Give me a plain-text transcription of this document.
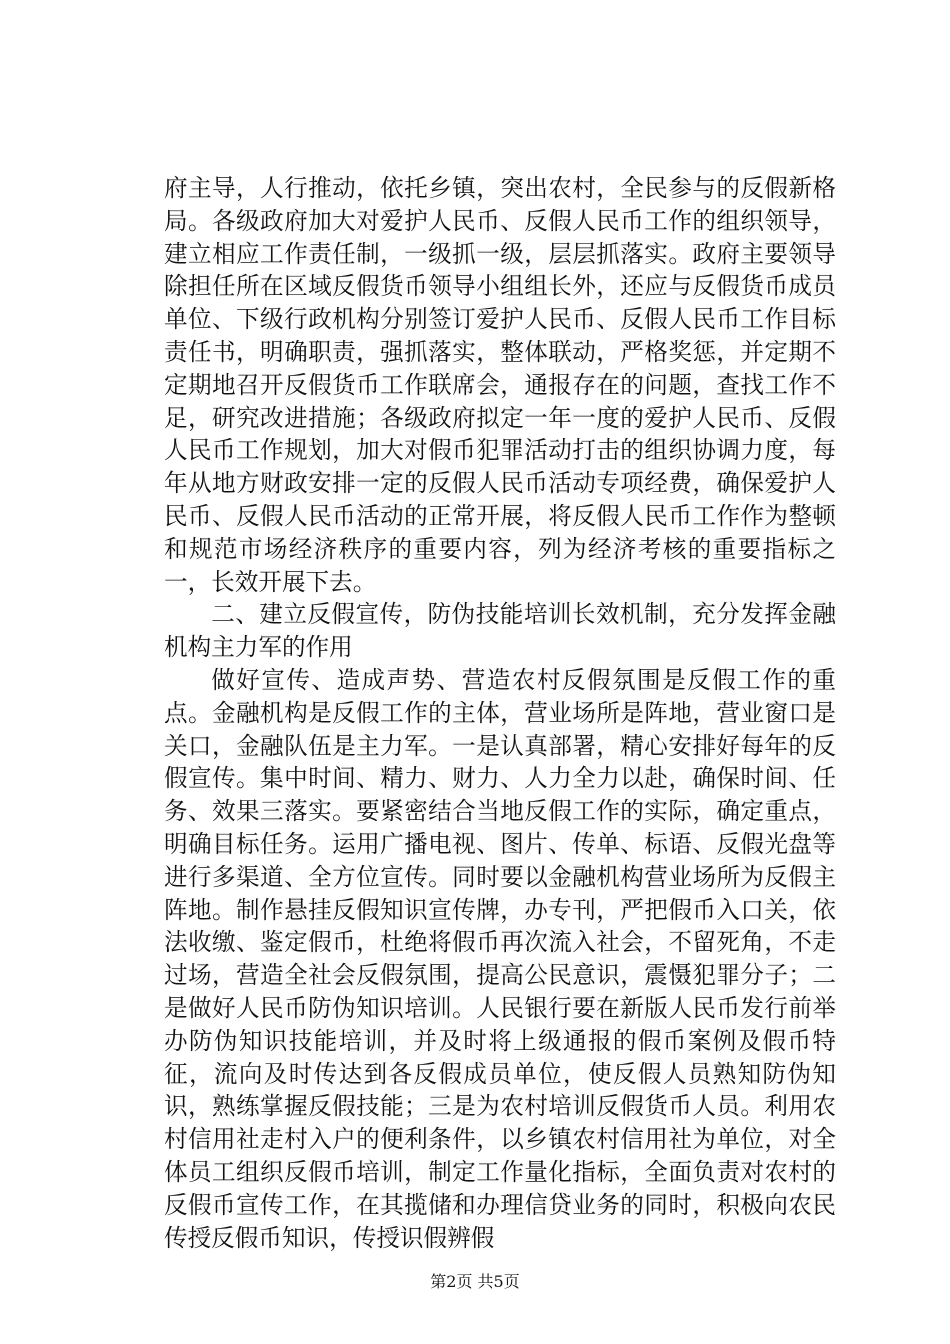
府主导，人行推动，依托乡镇，突出农村，全民参与的反假新格局。各级政府加大对爱护人民币、反假人民币工作的组织领导，建立相应工作责任制，一级抓一级，层层抓落实。政府主要领导除担任所在区域反假货币领导小组组长外，还应与反假货币成员单位、下级行政机构分别签订爱护人民币、反假人民币工作目标责任书，明确职责，强抓落实，整体联动，严格奖惩，并定期不定期地召开反假货币工作联席会，通报存在的问题，查找工作不足，研究改进措施；各级政府拟定一年一度的爱护人民币、反假人民币工作规划，加大对假币犯罪活动打击的组织协调力度，每年从地方财政安排一定的反假人民币活动专项经费，确保爱护人民币、反假人民币活动的正常开展，将反假人民币工作作为整顿和规范市场经济秩序的重要内容，列为经济考核的重要指标之一，长效开展下去。

二、建立反假宣传，防伪技能培训长效机制，充分发挥金融机构主力军的作用

做好宣传、造成声势、营造农村反假氛围是反假工作的重点。金融机构是反假工作的主体，营业场所是阵地，营业窗口是关口，金融队伍是主力军。一是认真部署，精心安排好每年的反假宣传。集中时间、精力、财力、人力全力以赴，确保时间、任务、效果三落实。要紧密结合当地反假工作的实际，确定重点，明确目标任务。运用广播电视、图片、传单、标语、反假光盘等进行多渠道、全方位宣传。同时要以金融机构营业场所为反假主阵地。制作悬挂反假知识宣传牌，办专刊，严把假币入口关，依法收缴、鉴定假币，杜绝将假币再次流入社会，不留死角，不走过场，营造全社会反假氛围，提高公民意识，震慑犯罪分子；二是做好人民币防伪知识培训。人民银行要在新版人民币发行前举办防伪知识技能培训，并及时将上级通报的假币案例及假币特征，流向及时传达到各反假成员单位，使反假人员熟知防伪知识，熟练掌握反假技能；三是为农村培训反假货币人员。利用农村信用社走村入户的便利条件，以乡镇农村信用社为单位，对全体员工组织反假币培训，制定工作量化指标，全面负责对农村的反假币宣传工作，在其揽储和办理信贷业务的同时，积极向农民传授反假币知识，传授识假辨假

第2页 共5页
